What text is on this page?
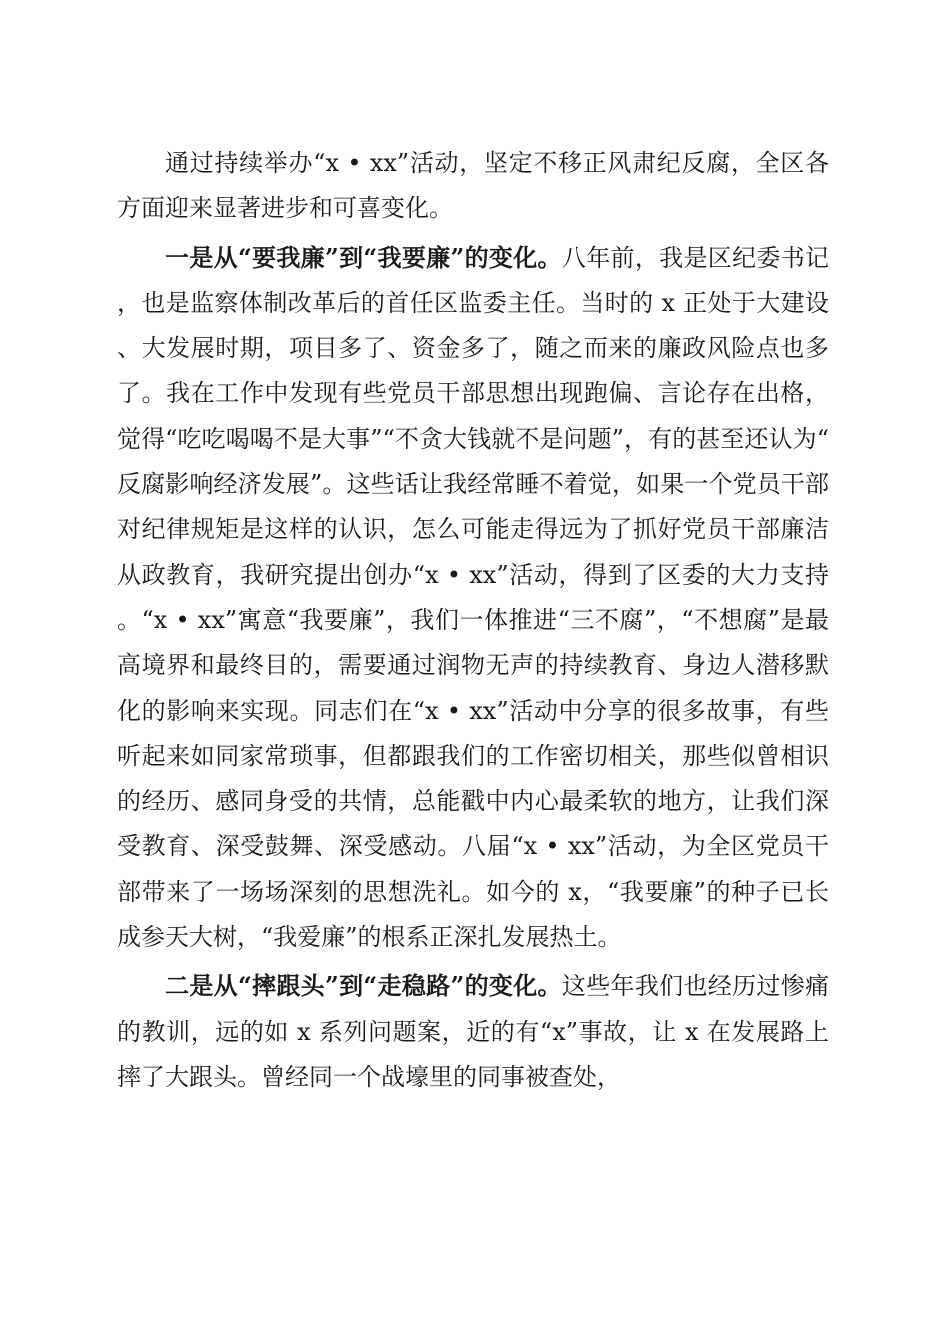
通过持续举办“x • xx”活动，坚定不移正风肃纪反腐，全区各方面迎来显著进步和可喜变化。

一是从“要我廉”到“我要廉”的变化。八年前，我是区纪委书记，也是监察体制改革后的首任区监委主任。当时的 x 正处于大建设、大发展时期，项目多了、资金多了，随之而来的廉政风险点也多了。我在工作中发现有些党员干部思想出现跑偏、言论存在出格，觉得“吃吃喝喝不是大事”“不贪大钱就不是问题”，有的甚至还认为“反腐影响经济发展”。这些话让我经常睡不着觉，如果一个党员干部对纪律规矩是这样的认识，怎么可能走得远为了抓好党员干部廉洁从政教育，我研究提出创办“x • xx”活动，得到了区委的大力支持。“x • xx”寓意“我要廉”，我们一体推进“三不腐”，“不想腐”是最高境界和最终目的，需要通过润物无声的持续教育、身边人潜移默化的影响来实现。同志们在“x • xx”活动中分享的很多故事，有些听起来如同家常琐事，但都跟我们的工作密切相关，那些似曾相识的经历、感同身受的共情，总能戳中内心最柔软的地方，让我们深受教育、深受鼓舞、深受感动。八届“x • xx”活动，为全区党员干部带来了一场场深刻的思想洗礼。如今的 x，“我要廉”的种子已长成参天大树，“我爱廉”的根系正深扎发展热土。

二是从“摔跟头”到“走稳路”的变化。这些年我们也经历过惨痛的教训，远的如 x 系列问题案，近的有“x”事故，让 x 在发展路上摔了大跟头。曾经同一个战壕里的同事被查处，
